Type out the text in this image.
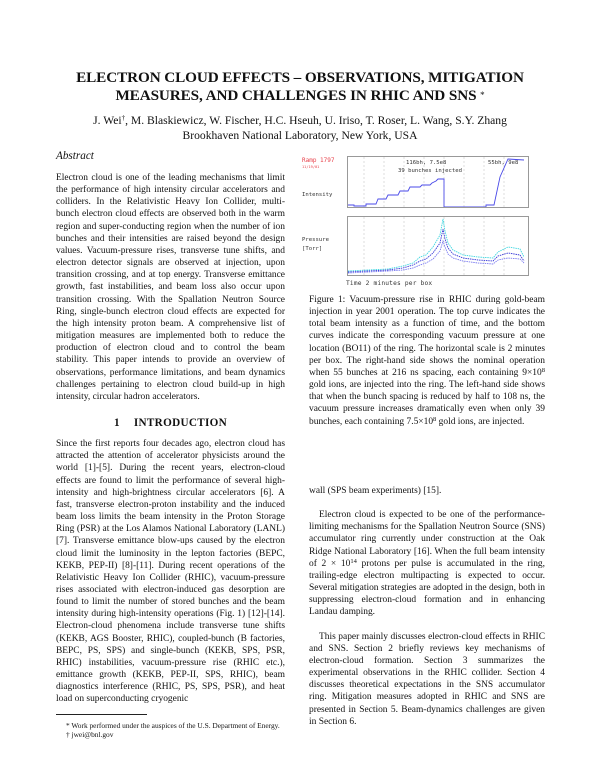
ELECTRON CLOUD EFFECTS – OBSERVATIONS, MITIGATION
MEASURES, AND CHALLENGES IN RHIC AND SNS *
J. Wei†, M. Blaskiewicz, W. Fischer, H.C. Hseuh, U. Iriso, T. Roser, L. Wang, S.Y. Zhang
Brookhaven National Laboratory, New York, USA
Abstract

Electron cloud is one of the leading mechanisms that limit the performance of high intensity circular accelerators and colliders. In the Relativistic Heavy Ion Collider, multi-bunch electron cloud effects are observed both in the warm region and super-conducting region when the number of ion bunches and their intensities are raised beyond the design values. Vacuum-pressure rises, transverse tune shifts, and electron detector signals are observed at injection, upon transition crossing, and at top energy. Transverse emittance growth, fast instabilities, and beam loss also occur upon transition crossing. With the Spallation Neutron Source Ring, single-bunch electron cloud effects are expected for the high intensity proton beam. A comprehensive list of mitigation measures are implemented both to reduce the production of electron cloud and to control the beam stability. This paper intends to provide an overview of observations, performance limitations, and beam dynamics challenges pertaining to electron cloud build-up in high intensity, circular hadron accelerators.

1 INTRODUCTION

Since the first reports four decades ago, electron cloud has attracted the attention of accelerator physicists around the world [1]-[5]. During the recent years, electron-cloud effects are found to limit the performance of several high-intensity and high-brightness circular accelerators [6]. A fast, transverse electron-proton instability and the induced beam loss limits the beam intensity in the Proton Storage Ring (PSR) at the Los Alamos National Laboratory (LANL) [7]. Transverse emittance blow-ups caused by the electron cloud limit the luminosity in the lepton factories (BEPC, KEKB, PEP-II) [8]-[11]. During recent operations of the Relativistic Heavy Ion Collider (RHIC), vacuum-pressure rises associated with electron-induced gas desorption are found to limit the number of stored bunches and the beam intensity during high-intensity operations (Fig. 1) [12]-[14]. Electron-cloud phenomena include transverse tune shifts (KEKB, AGS Booster, RHIC), coupled-bunch (B factories, BEPC, PS, SPS) and single-bunch (KEKB, SPS, PSR, RHIC) instabilities, vacuum-pressure rise (RHIC etc.), emittance growth (KEKB, PEP-II, SPS, RHIC), beam diagnostics interference (RHIC, PS, SPS, PSR), and heat load on superconducting cryogenic

* Work performed under the auspices of the U.S. Department of Energy.

† jwei@bnl.gov

Ramp 1797
11/19/01
Intensity
Pressure
[Torr]
116bh, 7.5e8
39 bunches injected
55bh, 9e8
Time 2 minutes per box
Figure 1: Vacuum-pressure rise in RHIC during gold-beam injection in year 2001 operation. The top curve indicates the total beam intensity as a function of time, and the bottom curves indicate the corresponding vacuum pressure at one location (BO11) of the ring. The horizontal scale is 2 minutes per box. The right-hand side shows the nominal operation when 55 bunches at 216 ns spacing, each containing $9\times 10^8$ gold ions, are injected into the ring. The left-hand side shows that when the bunch spacing is reduced by half to 108 ns, the vacuum pressure increases dramatically even when only 39 bunches, each containing $7.5\times 10^8$ gold ions, are injected.

wall (SPS beam experiments) [15].

Electron cloud is expected to be one of the performance-limiting mechanisms for the Spallation Neutron Source (SNS) accumulator ring currently under construction at the Oak Ridge National Laboratory [16]. When the full beam intensity of $2 \times 10^{14}$ protons per pulse is accumulated in the ring, trailing-edge electron multipacting is expected to occur. Several mitigation strategies are adopted in the design, both in suppressing electron-cloud formation and in enhancing Landau damping.

This paper mainly discusses electron-cloud effects in RHIC and SNS. Section 2 briefly reviews key mechanisms of electron-cloud formation. Section 3 summarizes the experimental observations in the RHIC collider. Section 4 discusses theoretical expectations in the SNS accumulator ring. Mitigation measures adopted in RHIC and SNS are presented in Section 5. Beam-dynamics challenges are given in Section 6.
